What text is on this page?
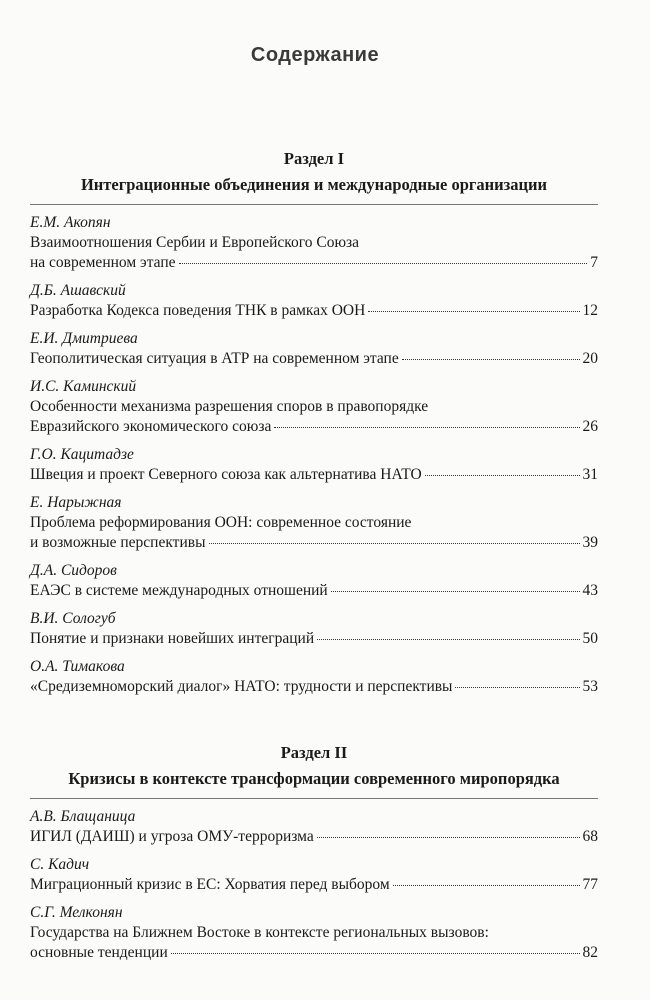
Содержание
Раздел I
Интеграционные объединения и международные организации
Е.М. Акопян
Взаимоотношения Сербии и Европейского Союза
на современном этапе	7
Д.Б. Ашавский
Разработка Кодекса поведения ТНК в рамках ООН	12
Е.И. Дмитриева
Геополитическая ситуация в АТР на современном этапе	20
И.С. Каминский
Особенности механизма разрешения споров в правопорядке
Евразийского экономического союза	26
Г.О. Кацитадзе
Швеция и проект Северного союза как альтернатива НАТО	31
Е. Нарыжная
Проблема реформирования ООН: современное состояние
и возможные перспективы	39
Д.А. Сидоров
ЕАЭС в системе международных отношений	43
В.И. Сологуб
Понятие и признаки новейших интеграций	50
О.А. Тимакова
«Средиземноморский диалог» НАТО: трудности и перспективы	53
Раздел II
Кризисы в контексте трансформации современного миропорядка
А.В. Блащаница
ИГИЛ (ДАИШ) и угроза ОМУ-терроризма	68
С. Кадич
Миграционный кризис в ЕС: Хорватия перед выбором	77
С.Г. Мелконян
Государства на Ближнем Востоке в контексте региональных вызовов:
основные тенденции	82
